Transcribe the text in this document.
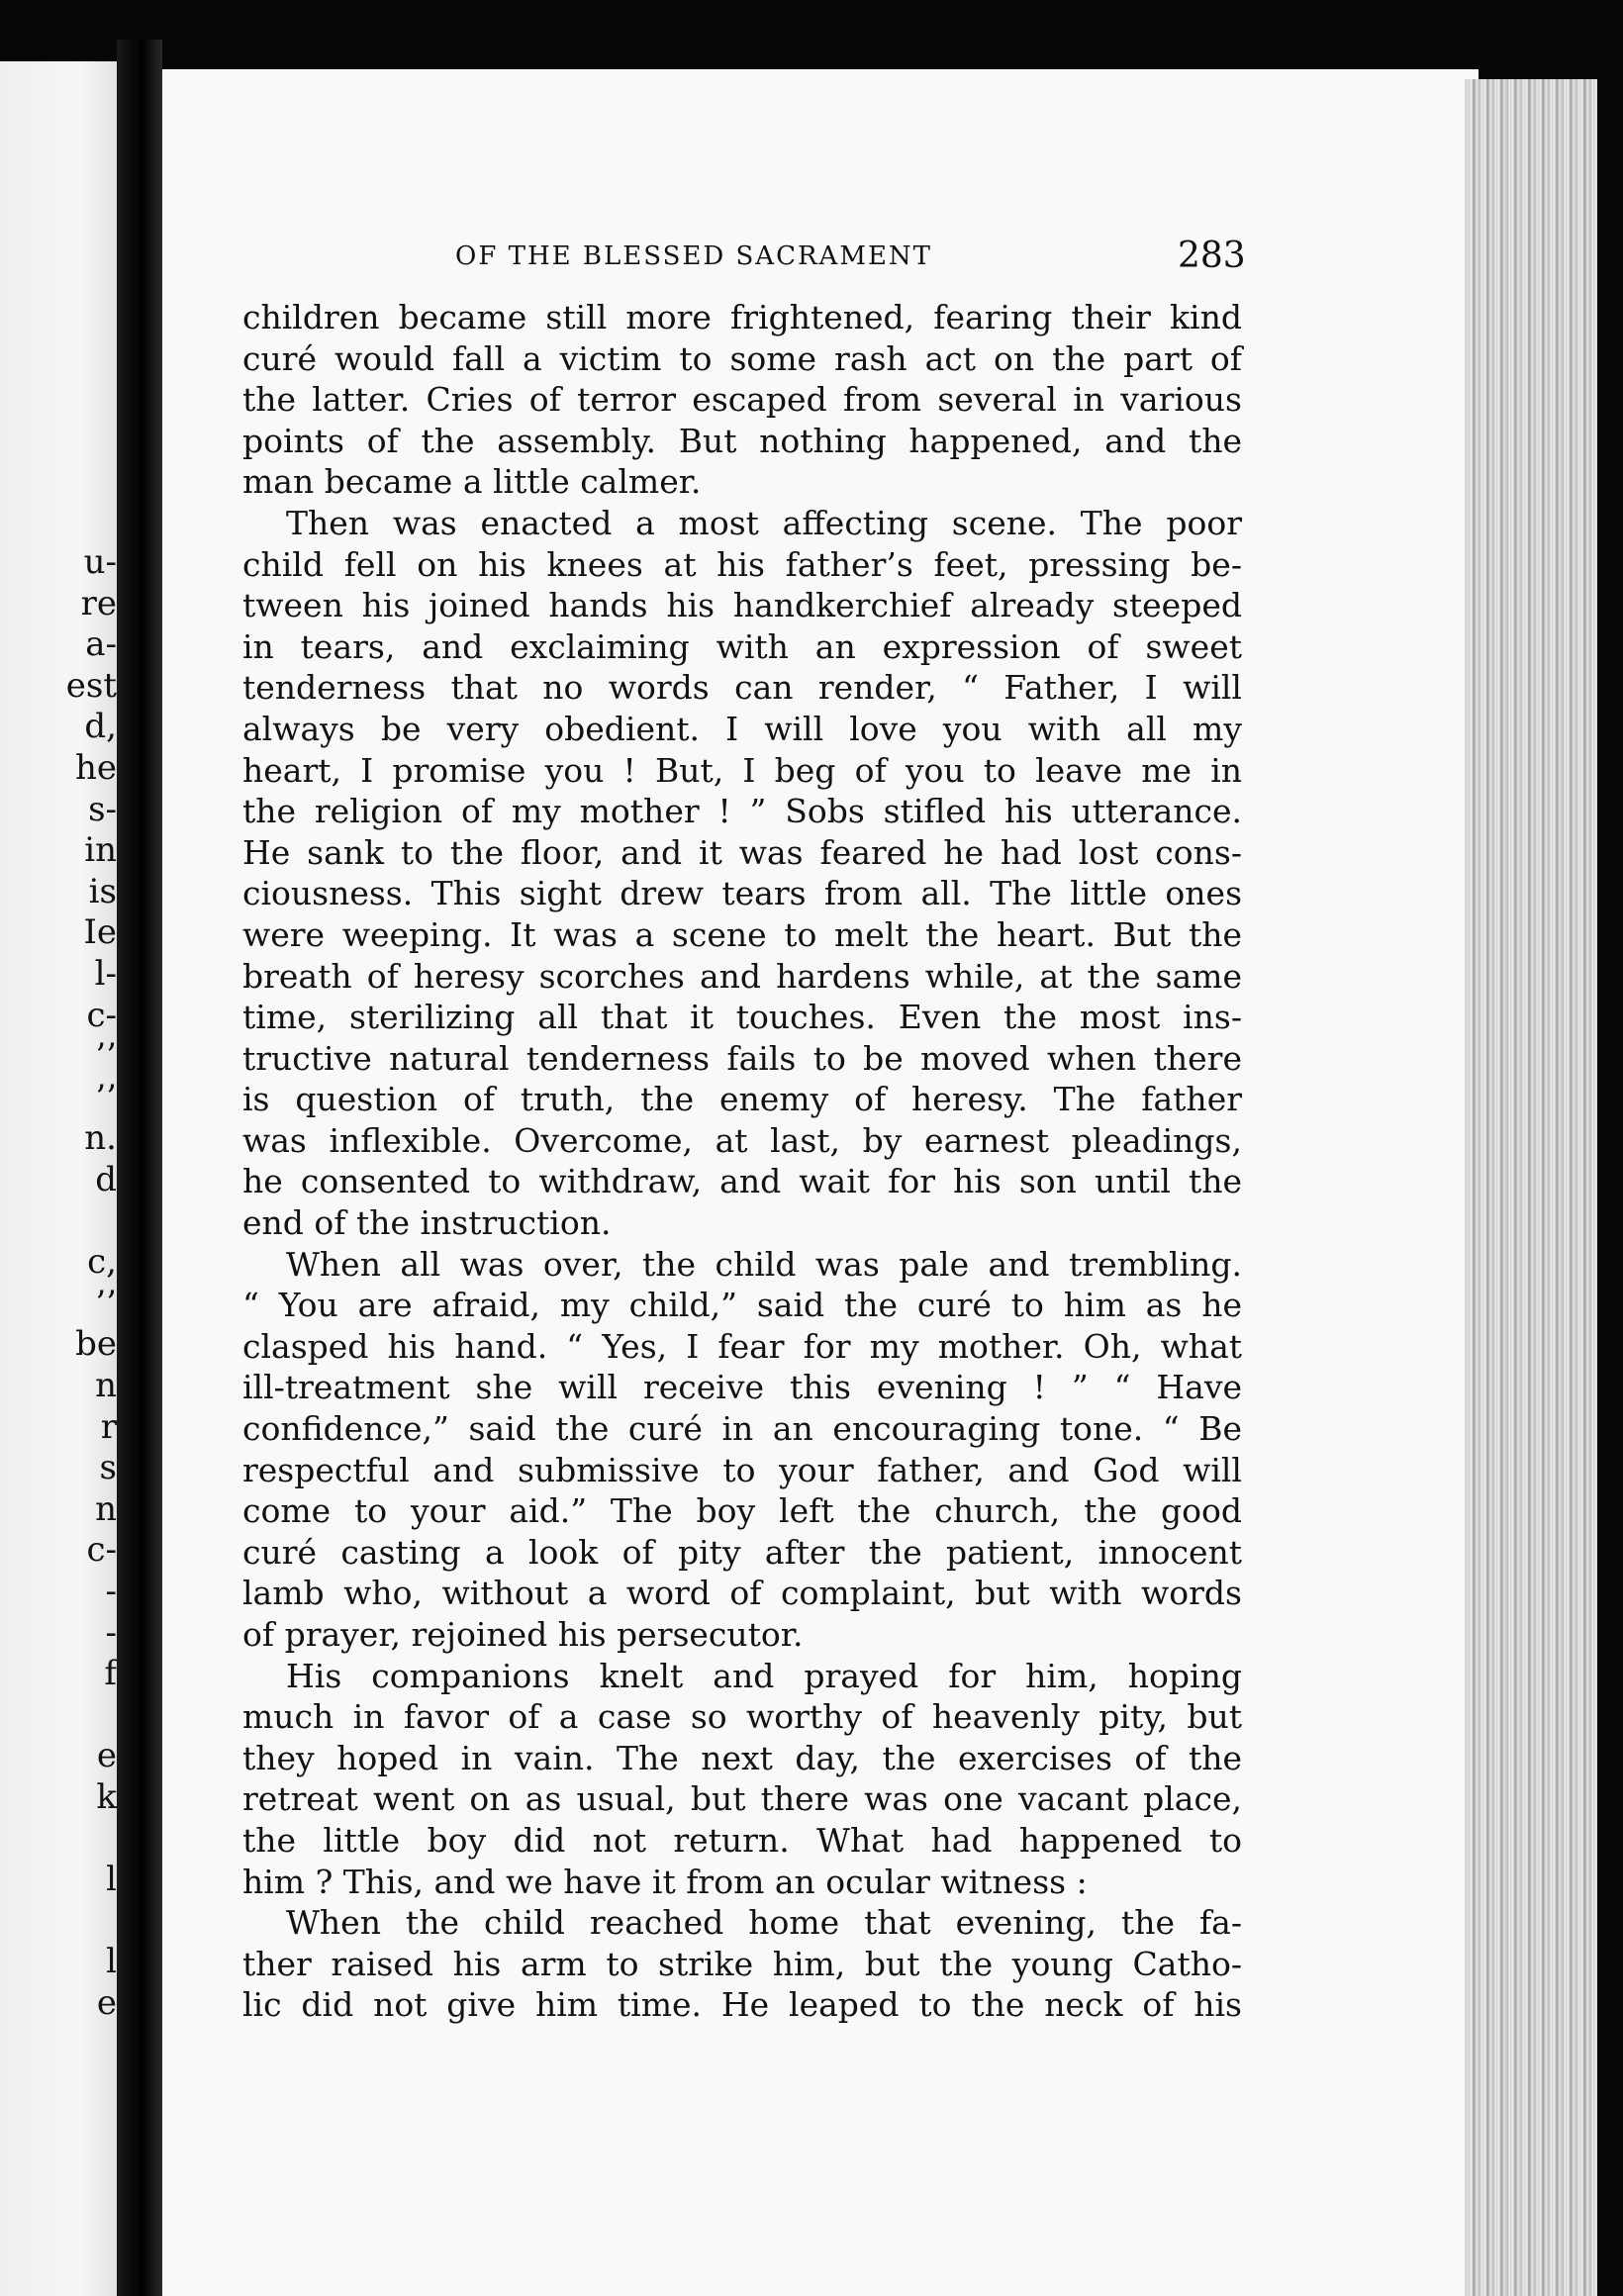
u-
re
a-
est
d,
he
s-
in
is
Ie
l-
c-
’’
’’
n.
d
c,
’’
be
n
r
s
n
c-
-
-
f
e
k
l
l
e
OF THE BLESSED SACRAMENT	283
children became still more frightened, fearing their kind
curé would fall a victim to some rash act on the part of
the latter. Cries of terror escaped from several in various
points of the assembly. But nothing happened, and the
man became a little calmer.
Then was enacted a most affecting scene. The poor
child fell on his knees at his father’s feet, pressing be-
tween his joined hands his handkerchief already steeped
in tears, and exclaiming with an expression of sweet
tenderness that no words can render, “ Father, I will
always be very obedient. I will love you with all my
heart, I promise you ! But, I beg of you to leave me in
the religion of my mother ! ” Sobs stifled his utterance.
He sank to the floor, and it was feared he had lost cons-
ciousness. This sight drew tears from all. The little ones
were weeping. It was a scene to melt the heart. But the
breath of heresy scorches and hardens while, at the same
time, sterilizing all that it touches. Even the most ins-
tructive natural tenderness fails to be moved when there
is question of truth, the enemy of heresy. The father
was inflexible. Overcome, at last, by earnest pleadings,
he consented to withdraw, and wait for his son until the
end of the instruction.
When all was over, the child was pale and trembling.
“ You are afraid, my child,” said the curé to him as he
clasped his hand. “ Yes, I fear for my mother. Oh, what
ill-treatment she will receive this evening ! ” “ Have
confidence,” said the curé in an encouraging tone. “ Be
respectful and submissive to your father, and God will
come to your aid.” The boy left the church, the good
curé casting a look of pity after the patient, innocent
lamb who, without a word of complaint, but with words
of prayer, rejoined his persecutor.
His companions knelt and prayed for him, hoping
much in favor of a case so worthy of heavenly pity, but
they hoped in vain. The next day, the exercises of the
retreat went on as usual, but there was one vacant place,
the little boy did not return. What had happened to
him ? This, and we have it from an ocular witness :
When the child reached home that evening, the fa-
ther raised his arm to strike him, but the young Catho-
lic did not give him time. He leaped to the neck of his
